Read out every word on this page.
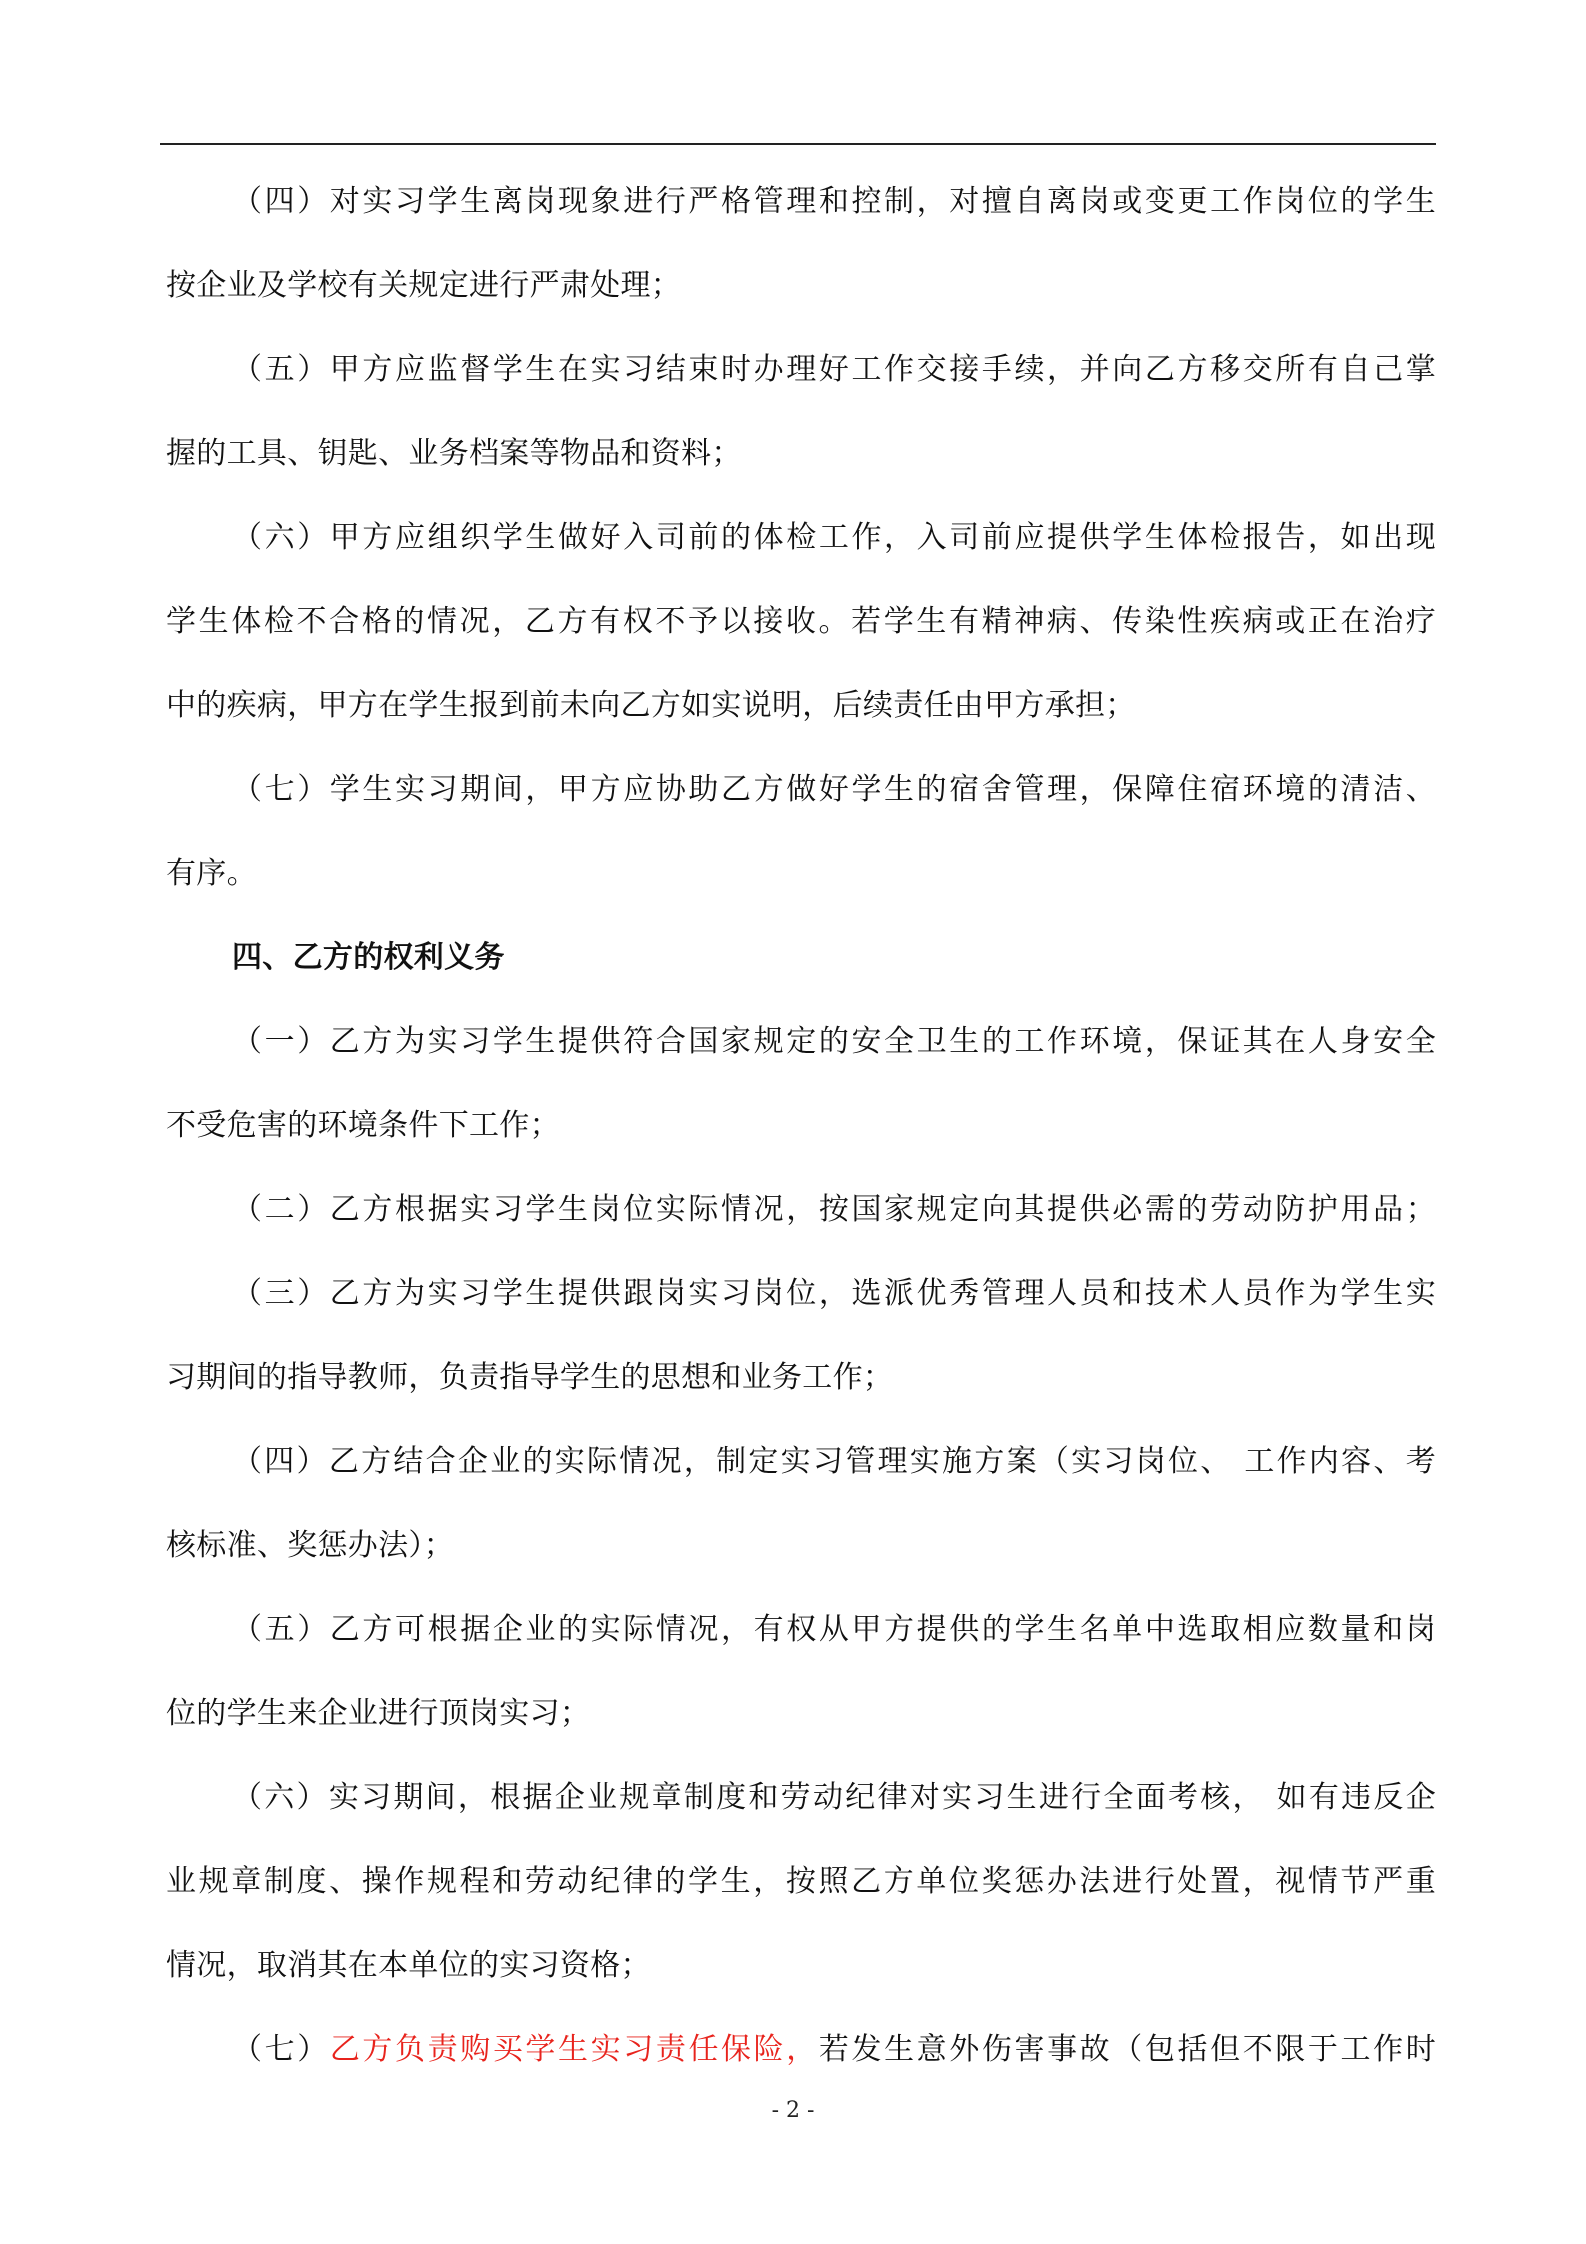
（四）对实习学生离岗现象进行严格管理和控制，对擅自离岗或变更工作岗位的学生
按企业及学校有关规定进行严肃处理；
（五）甲方应监督学生在实习结束时办理好工作交接手续，并向乙方移交所有自己掌
握的工具、钥匙、业务档案等物品和资料；
（六）甲方应组织学生做好入司前的体检工作，入司前应提供学生体检报告，如出现
学生体检不合格的情况，乙方有权不予以接收。若学生有精神病、传染性疾病或正在治疗
中的疾病，甲方在学生报到前未向乙方如实说明，后续责任由甲方承担；
（七）学生实习期间，甲方应协助乙方做好学生的宿舍管理，保障住宿环境的清洁、
有序。
四、乙方的权利义务
（一）乙方为实习学生提供符合国家规定的安全卫生的工作环境，保证其在人身安全
不受危害的环境条件下工作；
（二）乙方根据实习学生岗位实际情况，按国家规定向其提供必需的劳动防护用品；
（三）乙方为实习学生提供跟岗实习岗位，选派优秀管理人员和技术人员作为学生实
习期间的指导教师，负责指导学生的思想和业务工作；
（四）乙方结合企业的实际情况，制定实习管理实施方案（实习岗位、 工作内容、考
核标准、奖惩办法）；
（五）乙方可根据企业的实际情况，有权从甲方提供的学生名单中选取相应数量和岗
位的学生来企业进行顶岗实习；
（六）实习期间，根据企业规章制度和劳动纪律对实习生进行全面考核， 如有违反企
业规章制度、操作规程和劳动纪律的学生，按照乙方单位奖惩办法进行处置，视情节严重
情况，取消其在本单位的实习资格；
（七）乙方负责购买学生实习责任保险，若发生意外伤害事故（包括但不限于工作时
- 2 -
